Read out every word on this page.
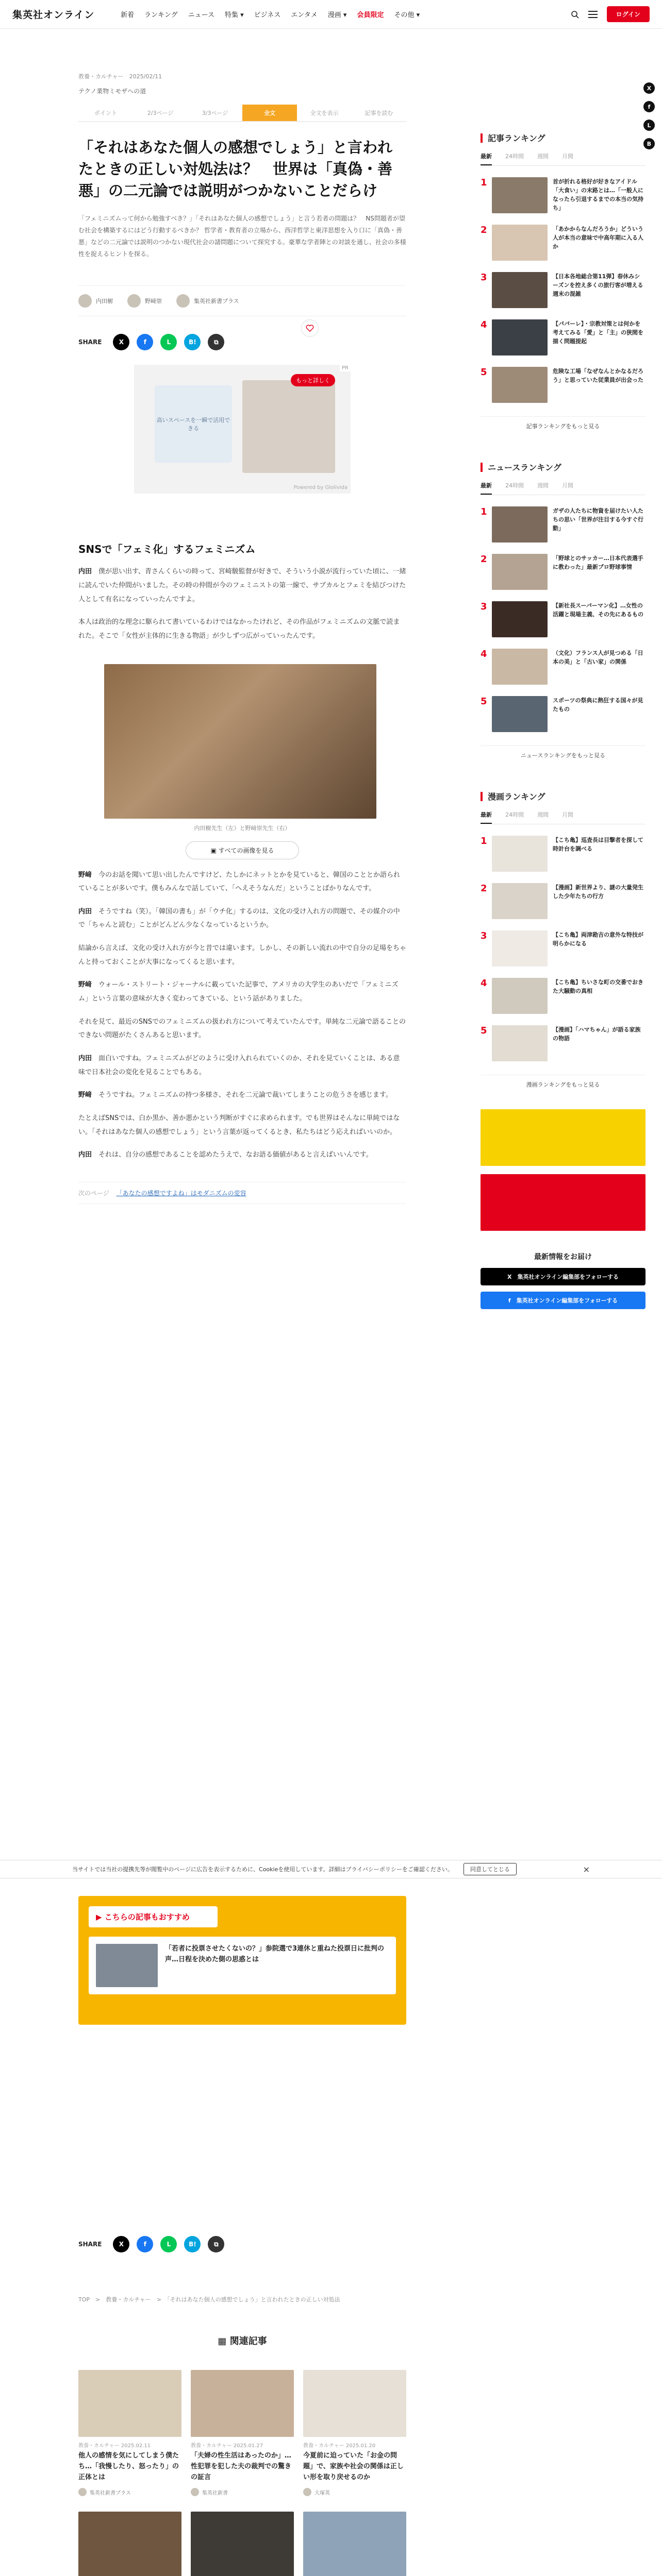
集英社オンライン	新着 ランキング ニュース 特集 ▾ ビジネス エンタメ 漫画 ▾ 会員限定 その他 ▾	ログイン
X
f
L
B
教養・カルチャー　2025/02/11
テクノ業物ミモザへの道
ポイント	2/3ページ	3/3ページ	全文	全文を表示	記事を読む
「それはあなた個人の感想でしょう」と言われたときの正しい対処法は？　世界は「真偽・善悪」の二元論では説明がつかないことだらけ

「フェミニズムって何から勉強すべき？」「それはあなた個人の感想でしょう」と言う若者の問題は？　NS問題者が望む社会を構築するにはどう行動するべきか？ 哲学者・教育者の立場から、西洋哲学と東洋思想を入り口に「真偽・善悪」などの二元論では説明のつかない現代社会の諸問題について探究する。豪華な学者陣との対談を通し、社会の多様性を捉えるヒントを探る。

内田樹	野﨑崇	集英社新書プラス
SHARE	X	f	L	B!	⧉
PR
高いスペースを一瞬で活用できる
もっと詳しく
Powered by Glolivida
SNSで「フェミ化」するフェミニズム

内田　 僕が思い出す、青さんくらいの時って、宮崎駿監督が好きで、そういう小説が流行っていた頃に、一緒に読んでいた仲間がいました。その時の仲間が今のフェミニストの第一線で、サブカルとフェミを結びつけた人として有名になっていったんですよ。

本人は政治的な理念に駆られて書いているわけではなかったけれど、その作品がフェミニズムの文脈で読まれた。そこで「女性が主体的に生きる物語」が少しずつ広がっていったんです。

内田樹先生（左）と野﨑崇先生（右）
▣ すべての画像を見る

野﨑　 今のお話を聞いて思い出したんですけど、たしかにネットとかを見ていると、韓国のこととか語られていることが多いです。僕もみんなで話していて、「へえそうなんだ」ということばかりなんです。

内田　 そうですね（笑）。「韓国の書も」が「ウチ化」するのは、文化の受け入れ方の問題で、その媒介の中で「ちゃんと読む」ことがどんどん少なくなっているというか。

結論から言えば、文化の受け入れ方が今と昔では違います。しかし、その新しい流れの中で自分の足場をちゃんと持っておくことが大事になってくると思います。

野﨑　 ウォール・ストリート・ジャーナルに載っていた記事で、アメリカの大学生のあいだで「フェミニズム」という言葉の意味が大きく変わってきている、という話がありました。

それを見て、最近のSNSでのフェミニズムの扱われ方について考えていたんです。単純な二元論で語ることのできない問題がたくさんあると思います。

内田　 面白いですね。フェミニズムがどのように受け入れられていくのか、それを見ていくことは、ある意味で日本社会の変化を見ることでもある。

野﨑　 そうですね。フェミニズムの持つ多様さ、それを二元論で裁いてしまうことの危うさを感じます。

たとえばSNSでは、白か黒か、善か悪かという判断がすぐに求められます。でも世界はそんなに単純ではない。「それはあなた個人の感想でしょう」という言葉が返ってくるとき、私たちはどう応えればいいのか。

内田　 それは、自分の感想であることを認めたうえで、なお語る価値があると言えばいいんです。

次のページ 「あなたの感想ですよね」はモダニズムの変容
当サイトでは当社の提携先等が閲覧中のページに広告を表示するために、Cookieを使用しています。詳細はプライバシーポリシーをご確認ください。	同意してとじる	×
▶ こちらの記事もおすすめ
「若者に投票させたくないの？」参院選で3連休と重ねた投票日に批判の声…日程を決めた側の思惑とは
SHARE	X	f	L	B!	⧉
TOP　>　教養・カルチャー　>　「それはあなた個人の感想でしょう」と言われたときの正しい対処法
▦ 関連記事
教養・カルチャー 2025.02.11
他人の感情を気にしてしまう僕たち…「我慢したり、怒ったり」の正体とは
集英社新書プラス
教養・カルチャー 2025.01.27
「夫婦の性生活はあったのか」…性犯罪を犯した夫の裁判での驚きの証言
集英社新書
教養・カルチャー 2025.01.20
今夏前に迫っていた「お金の問題」で、家族や社会の関係は正しい形を取り戻せるのか
大塚英
記事ランキング
最新 24時間 週間 月間
1	首が折れる格好が好きなアイドル「大食い」の末路とは…「一般人になったら引退するまでの本当の気持ち」
2	「あかからなんだろうか」どういう人が本当の意味で中高年期に入る人か
3	【日本各地総合第11弾】春休みシーズンを控え多くの旅行客が増える週末の混雑
4	【パパーレ】・宗教対策とは何かを考えてみる「愛」と「主」の狭間を描く問題提起
5	危険な工場「なぜなんとかなるだろう」と思っていた従業員が出会った
記事ランキングをもっと見る
ニュースランキング
最新 24時間 週間 月間
1	ガザの人たちに物資を届けたい人たちの思い「世界が注目する今すぐ行動」
2	「野球とのサッカー…日本代表選手に教わった」最新プロ野球事情
3	【新社長スーパーマン化】…女性の活躍と現場主義、その先にあるもの
4	（文化）フランス人が見つめる「日本の美」と「古い家」の関係
5	スポーツの祭典に熱狂する国々が見たもの
ニュースランキングをもっと見る
漫画ランキング
最新 24時間 週間 月間
1	【こち亀】巡査長は目撃者を探して時計台を調べる
2	【漫画】新世界より、謎の大量発生した少年たちの行方
3	【こち亀】両津勘吉の意外な特技が明らかになる
4	【こち亀】ちいさな町の交番でおきた大騒動の真相
5	【漫画】「ハマちゃん」が語る家族の物語
漫画ランキングをもっと見る
最新情報をお届け
X　 集英社オンライン編集部をフォローする
f　 集英社オンライン編集部をフォローする
